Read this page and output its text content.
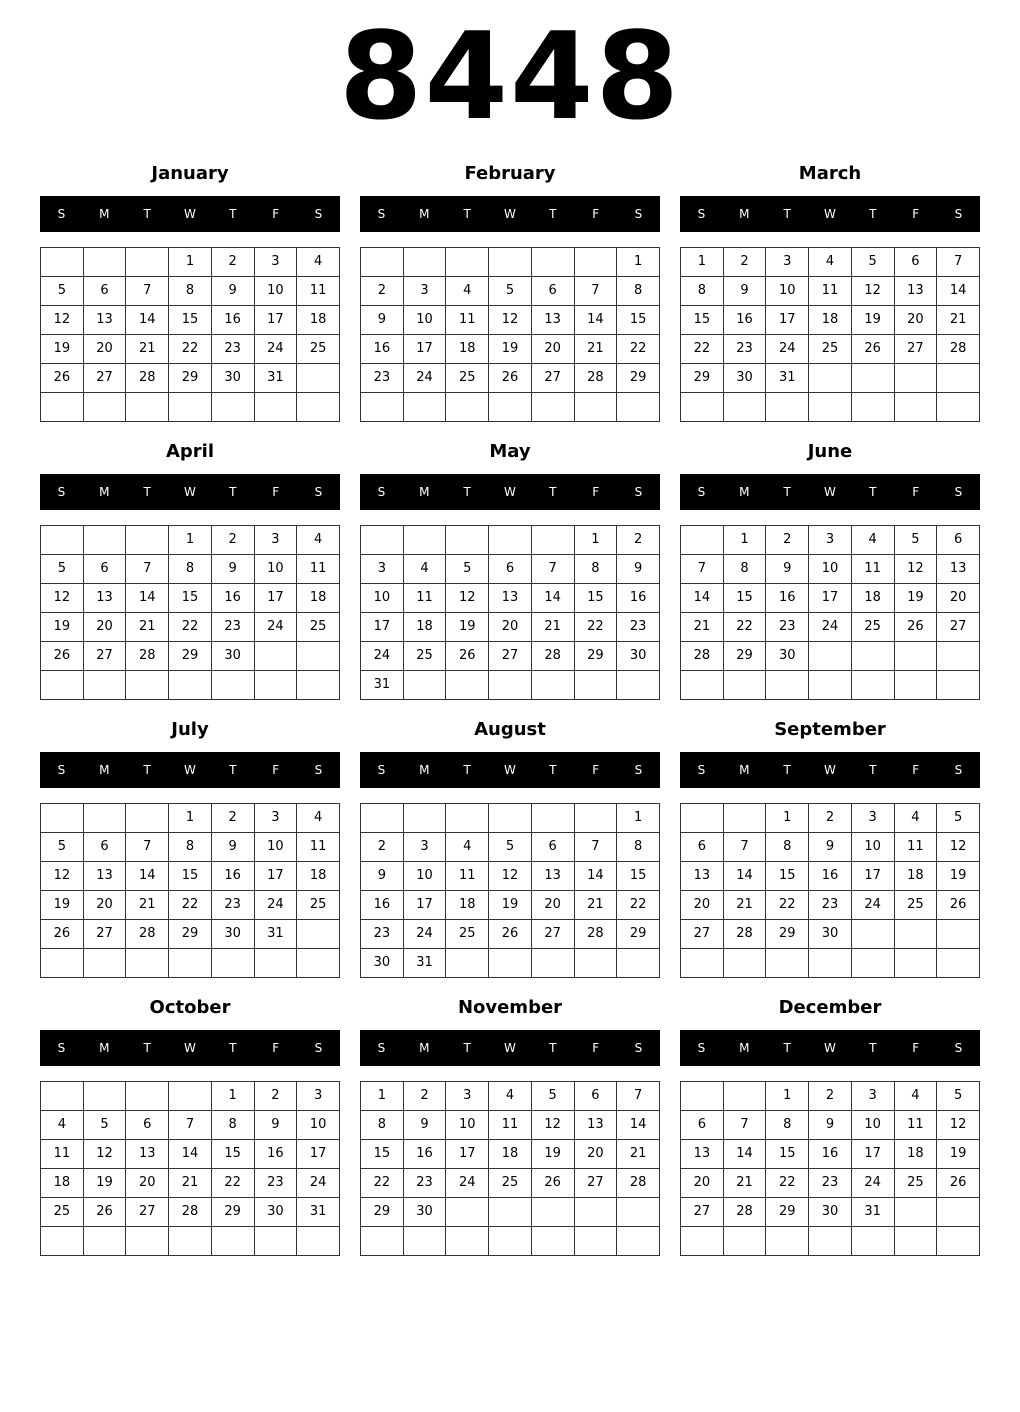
8448
January
S	M	T	W	T	F	S
			1	2	3	4
5	6	7	8	9	10	11
12	13	14	15	16	17	18
19	20	21	22	23	24	25
26	27	28	29	30	31	

February
S	M	T	W	T	F	S
						1
2	3	4	5	6	7	8
9	10	11	12	13	14	15
16	17	18	19	20	21	22
23	24	25	26	27	28	29

March
S	M	T	W	T	F	S
1	2	3	4	5	6	7
8	9	10	11	12	13	14
15	16	17	18	19	20	21
22	23	24	25	26	27	28
29	30	31				

April
S	M	T	W	T	F	S
			1	2	3	4
5	6	7	8	9	10	11
12	13	14	15	16	17	18
19	20	21	22	23	24	25
26	27	28	29	30		

May
S	M	T	W	T	F	S
					1	2
3	4	5	6	7	8	9
10	11	12	13	14	15	16
17	18	19	20	21	22	23
24	25	26	27	28	29	30
31						
June
S	M	T	W	T	F	S
	1	2	3	4	5	6
7	8	9	10	11	12	13
14	15	16	17	18	19	20
21	22	23	24	25	26	27
28	29	30				

July
S	M	T	W	T	F	S
			1	2	3	4
5	6	7	8	9	10	11
12	13	14	15	16	17	18
19	20	21	22	23	24	25
26	27	28	29	30	31	

August
S	M	T	W	T	F	S
						1
2	3	4	5	6	7	8
9	10	11	12	13	14	15
16	17	18	19	20	21	22
23	24	25	26	27	28	29
30	31					
September
S	M	T	W	T	F	S
		1	2	3	4	5
6	7	8	9	10	11	12
13	14	15	16	17	18	19
20	21	22	23	24	25	26
27	28	29	30			

October
S	M	T	W	T	F	S
				1	2	3
4	5	6	7	8	9	10
11	12	13	14	15	16	17
18	19	20	21	22	23	24
25	26	27	28	29	30	31

November
S	M	T	W	T	F	S
1	2	3	4	5	6	7
8	9	10	11	12	13	14
15	16	17	18	19	20	21
22	23	24	25	26	27	28
29	30					

December
S	M	T	W	T	F	S
		1	2	3	4	5
6	7	8	9	10	11	12
13	14	15	16	17	18	19
20	21	22	23	24	25	26
27	28	29	30	31		
